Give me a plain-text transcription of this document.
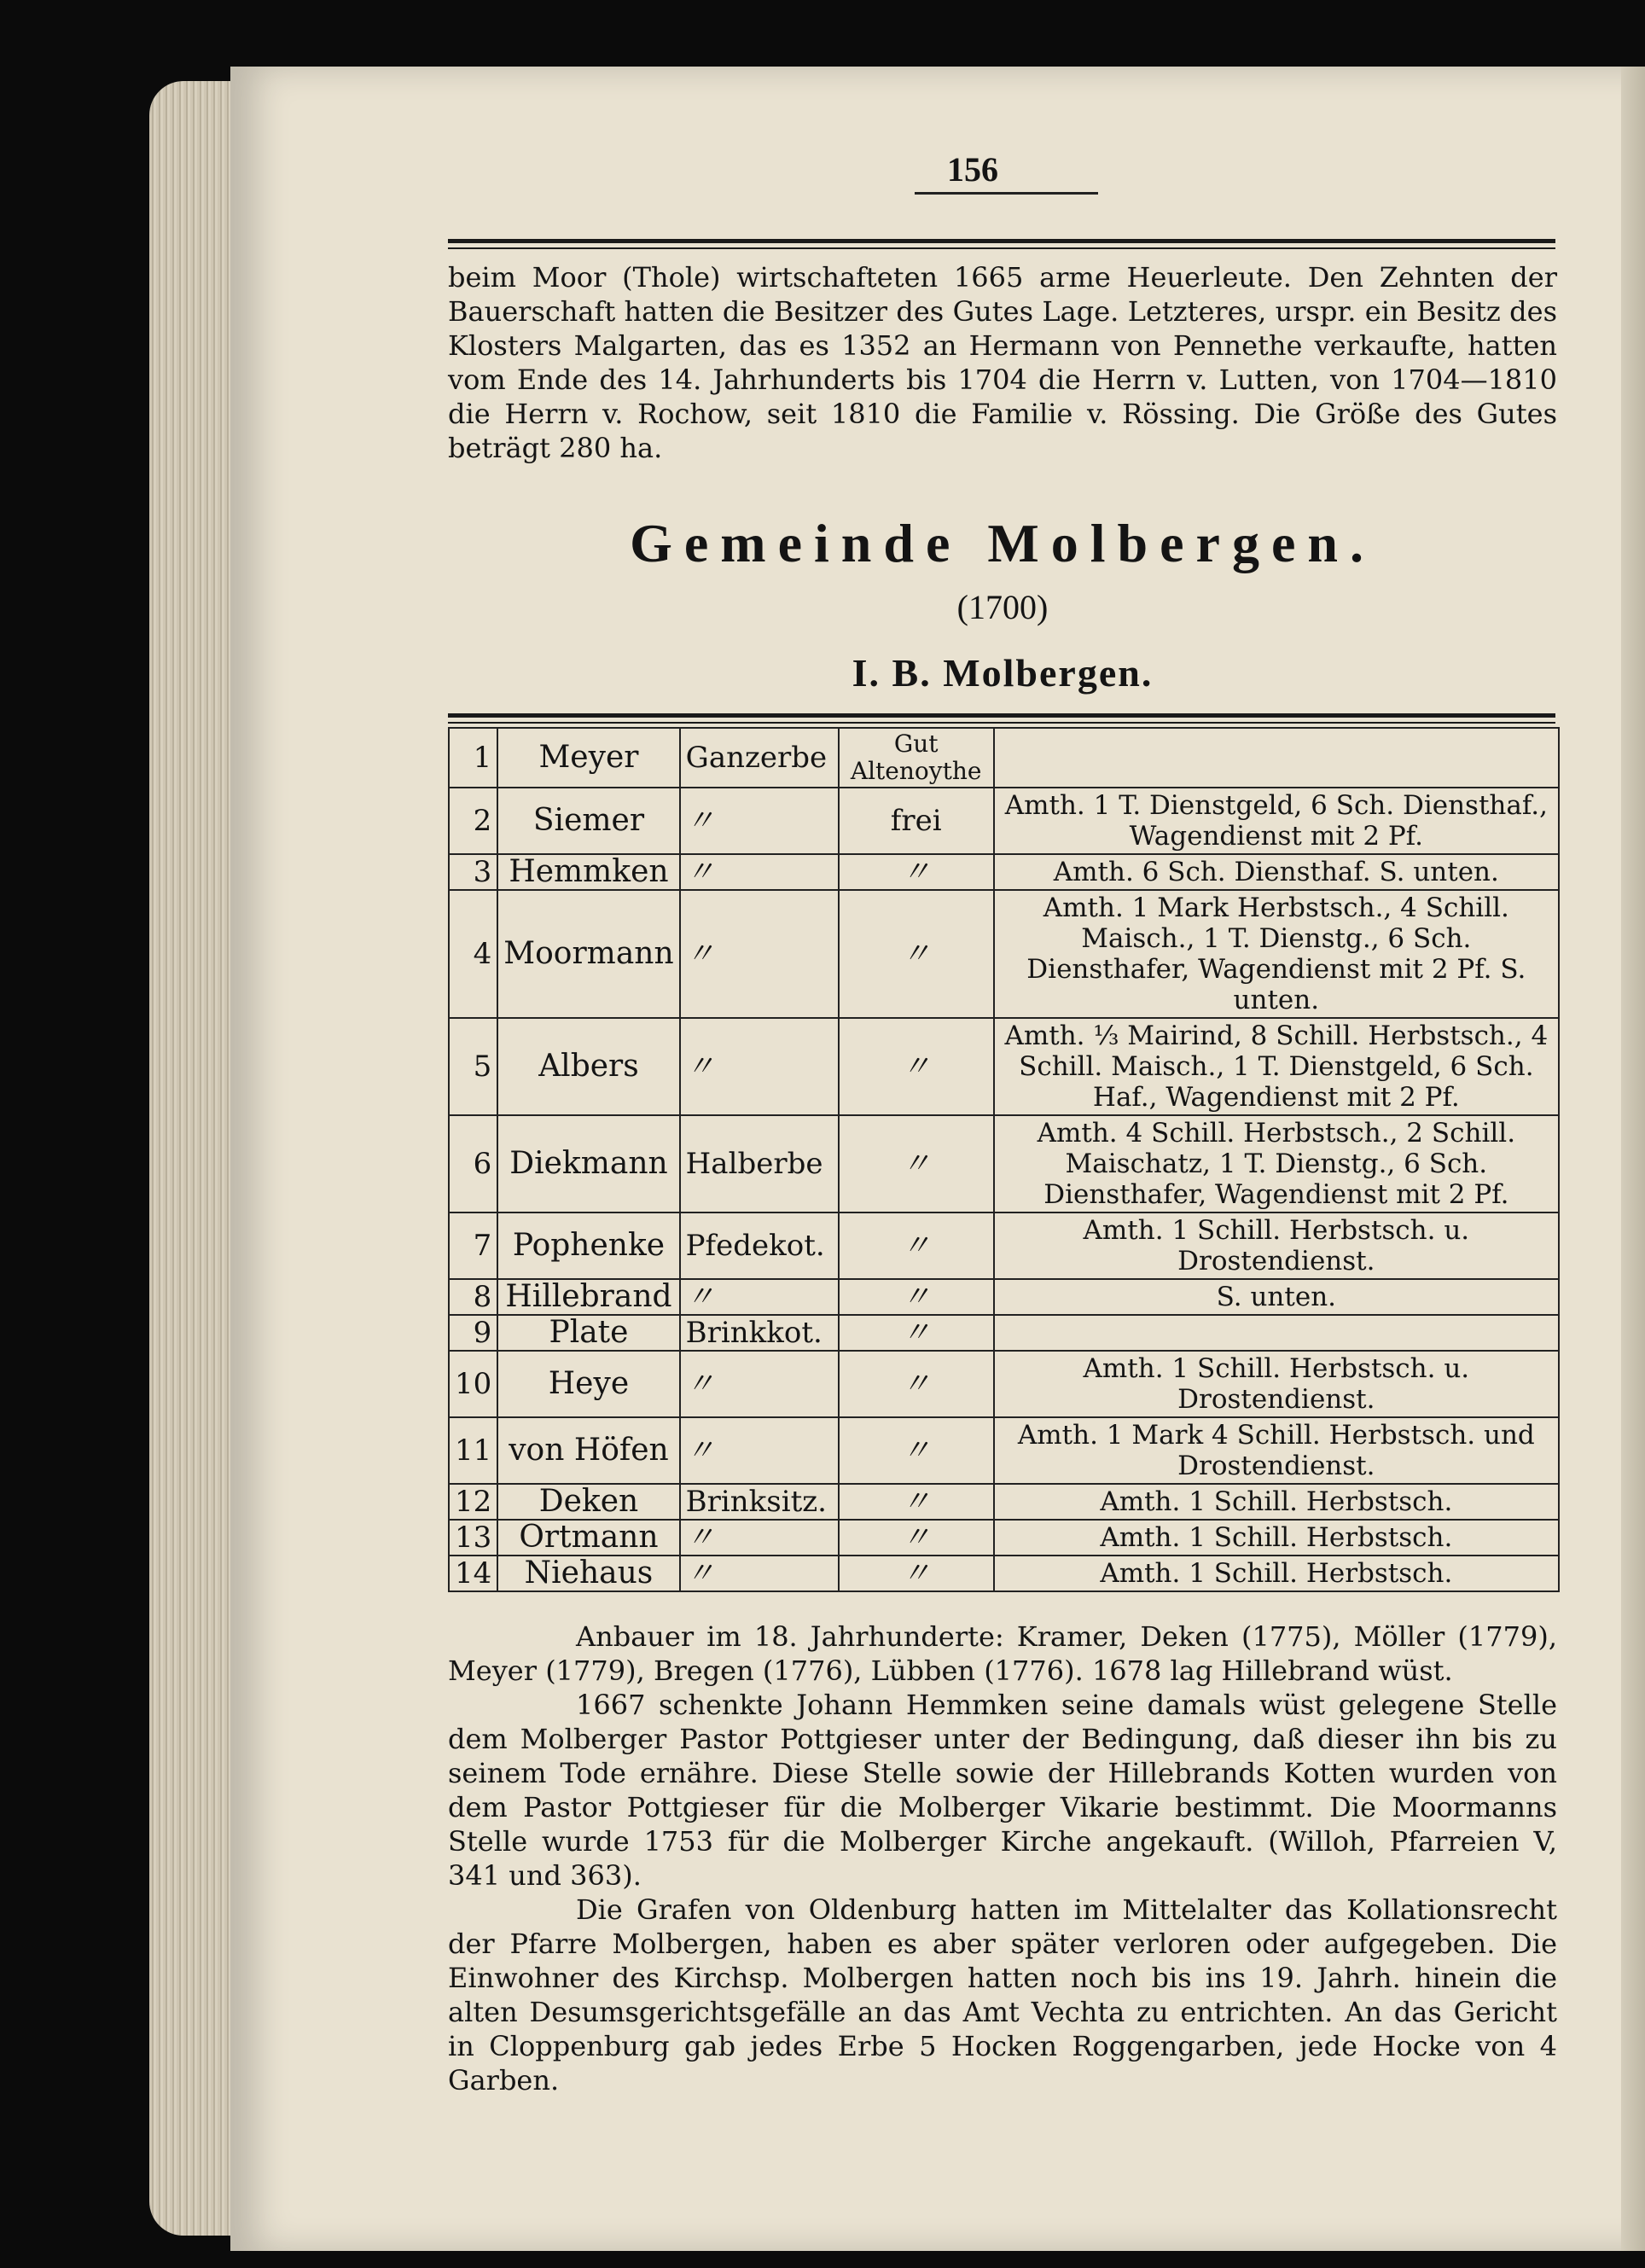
156
beim Moor (Thole) wirtschafteten 1665 arme Heuerleute. Den Zehnten der Bauerschaft hatten die Besitzer des Gutes Lage. Letzteres, urspr. ein Besitz des Klosters Malgarten, das es 1352 an Hermann von Pennethe verkaufte, hatten vom Ende des 14. Jahrhunderts bis 1704 die Herrn v. Lutten, von 1704—1810 die Herrn v. Rochow, seit 1810 die Familie v. Rössing. Die Größe des Gutes beträgt 280 ha.
Gemeinde Molbergen.
(1700)
I. B. Molbergen.
1	Meyer	Ganzerbe	Gut Altenoythe	
2	Siemer	〃	frei	Amth. 1 T. Dienstgeld, 6 Sch. Diensthaf., Wagendienst mit 2 Pf.
3	Hemmken	〃	〃	Amth. 6 Sch. Diensthaf. S. unten.
4	Moormann	〃	〃	Amth. 1 Mark Herbstsch., 4 Schill. Maisch., 1 T. Dienstg., 6 Sch. Diensthafer, Wagendienst mit 2 Pf. S. unten.
5	Albers	〃	〃	Amth. ⅓ Mairind, 8 Schill. Herbstsch., 4 Schill. Maisch., 1 T. Dienstgeld, 6 Sch. Haf., Wagendienst mit 2 Pf.
6	Diekmann	Halberbe	〃	Amth. 4 Schill. Herbstsch., 2 Schill. Maischatz, 1 T. Dienstg., 6 Sch. Diensthafer, Wagendienst mit 2 Pf.
7	Pophenke	Pfedekot.	〃	Amth. 1 Schill. Herbstsch. u. Drostendienst.
8	Hillebrand	〃	〃	S. unten.
9	Plate	Brinkkot.	〃	
10	Heye	〃	〃	Amth. 1 Schill. Herbstsch. u. Drostendienst.
11	von Höfen	〃	〃	Amth. 1 Mark 4 Schill. Herbstsch. und Drostendienst.
12	Deken	Brinksitz.	〃	Amth. 1 Schill. Herbstsch.
13	Ortmann	〃	〃	Amth. 1 Schill. Herbstsch.
14	Niehaus	〃	〃	Amth. 1 Schill. Herbstsch.
Anbauer im 18. Jahrhunderte: Kramer, Deken (1775), Möller (1779), Meyer (1779), Bregen (1776), Lübben (1776). 1678 lag Hillebrand wüst.
1667 schenkte Johann Hemmken seine damals wüst gelegene Stelle dem Molberger Pastor Pottgieser unter der Bedingung, daß dieser ihn bis zu seinem Tode ernähre. Diese Stelle sowie der Hillebrands Kotten wurden von dem Pastor Pottgieser für die Molberger Vikarie bestimmt. Die Moormanns Stelle wurde 1753 für die Molberger Kirche angekauft. (Willoh, Pfarreien V, 341 und 363).
Die Grafen von Oldenburg hatten im Mittelalter das Kollationsrecht der Pfarre Molbergen, haben es aber später verloren oder aufgegeben. Die Einwohner des Kirchsp. Molbergen hatten noch bis ins 19. Jahrh. hinein die alten Desumsgerichtsgefälle an das Amt Vechta zu entrichten. An das Gericht in Cloppenburg gab jedes Erbe 5 Hocken Roggengarben, jede Hocke von 4 Garben.
